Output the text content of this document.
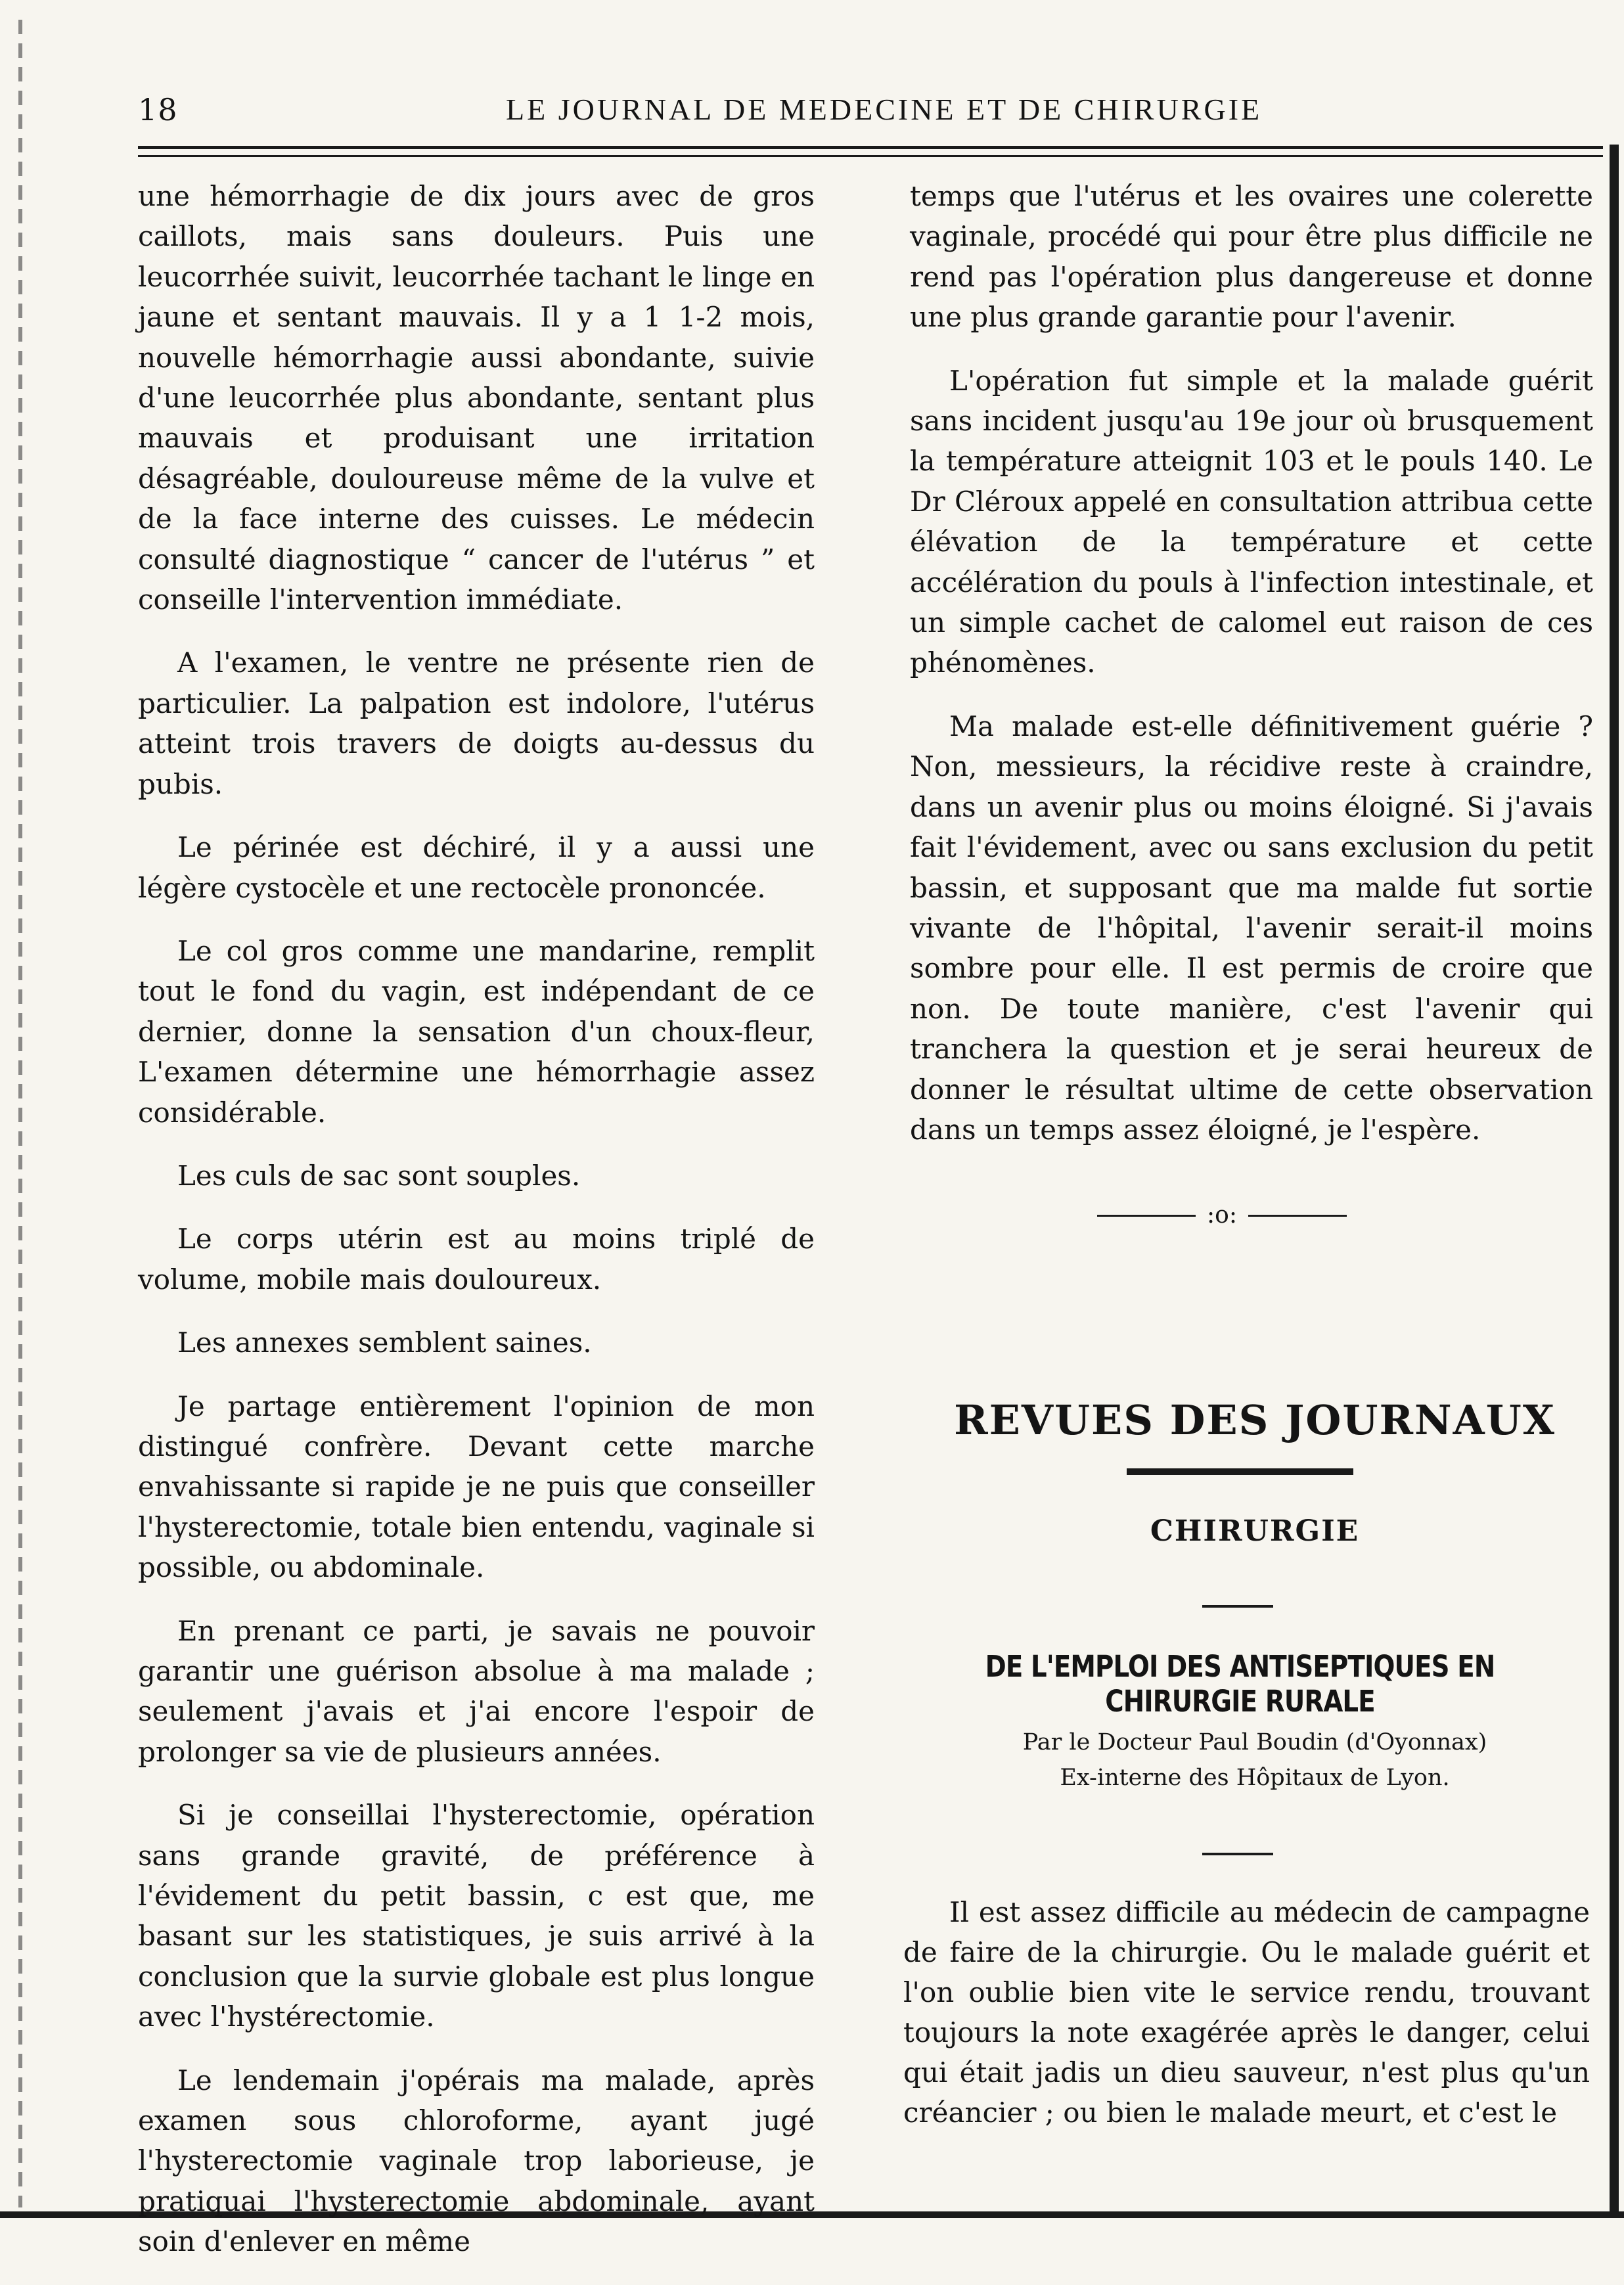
18	LE JOURNAL DE MEDECINE ET DE CHIRURGIE

une hémorrhagie de dix jours avec de gros caillots, mais sans douleurs. Puis une leucorrhée suivit, leucorrhée tachant le linge en jaune et sentant mauvais. Il y a 1 1-2 mois, nouvelle hémorrhagie aussi abondante, suivie d'une leucorrhée plus abondante, sentant plus mauvais et produisant une irritation désagréable, douloureuse même de la vulve et de la face interne des cuisses. Le médecin consulté diagnostique “ cancer de l'utérus ” et conseille l'intervention immédiate.

A l'examen, le ventre ne présente rien de particulier. La palpation est indolore, l'utérus atteint trois travers de doigts au-dessus du pubis.

Le périnée est déchiré, il y a aussi une légère cystocèle et une rectocèle prononcée.

Le col gros comme une mandarine, remplit tout le fond du vagin, est indépendant de ce dernier, donne la sensation d'un choux-fleur, L'examen détermine une hémorrhagie assez considérable.

Les culs de sac sont souples.

Le corps utérin est au moins triplé de volume, mobile mais douloureux.

Les annexes semblent saines.

Je partage entièrement l'opinion de mon distingué confrère. Devant cette marche envahissante si rapide je ne puis que conseiller l'hysterectomie, totale bien entendu, vaginale si possible, ou abdominale.

En prenant ce parti, je savais ne pouvoir garantir une guérison absolue à ma malade ; seulement j'avais et j'ai encore l'espoir de prolonger sa vie de plusieurs années.

Si je conseillai l'hysterectomie, opération sans grande gravité, de préférence à l'évidement du petit bassin, c est que, me basant sur les statistiques, je suis arrivé à la conclusion que la survie globale est plus longue avec l'hystérectomie.

Le lendemain j'opérais ma malade, après examen sous chloroforme, ayant jugé l'hysterectomie vaginale trop laborieuse, je pratiquai l'hysterectomie abdominale, ayant soin d'enlever en même

temps que l'utérus et les ovaires une colerette vaginale, procédé qui pour être plus difficile ne rend pas l'opération plus dangereuse et donne une plus grande garantie pour l'avenir.

L'opération fut simple et la malade guérit sans incident jusqu'au 19e jour où brusquement la température atteignit 103 et le pouls 140. Le Dr Cléroux appelé en consultation attribua cette élévation de la température et cette accélération du pouls à l'infection intestinale, et un simple cachet de calomel eut raison de ces phénomènes.

Ma malade est-elle définitivement guérie ? Non, messieurs, la récidive reste à craindre, dans un avenir plus ou moins éloigné. Si j'avais fait l'évidement, avec ou sans exclusion du petit bassin, et supposant que ma malde fut sortie vivante de l'hôpital, l'avenir serait-il moins sombre pour elle. Il est permis de croire que non. De toute manière, c'est l'avenir qui tranchera la question et je serai heureux de donner le résultat ultime de cette observation dans un temps assez éloigné, je l'espère.

:o:
REVUES DES JOURNAUX
CHIRURGIE
DE L'EMPLOI DES ANTISEPTIQUES EN CHIRURGIE RURALE
Par le Docteur Paul Boudin (d'Oyonnax)
Ex-interne des Hôpitaux de Lyon.

Il est assez difficile au médecin de campagne de faire de la chirurgie. Ou le malade guérit et l'on oublie bien vite le service rendu, trouvant toujours la note exagérée après le danger, celui qui était jadis un dieu sauveur, n'est plus qu'un créancier ; ou bien le malade meurt, et c'est le
